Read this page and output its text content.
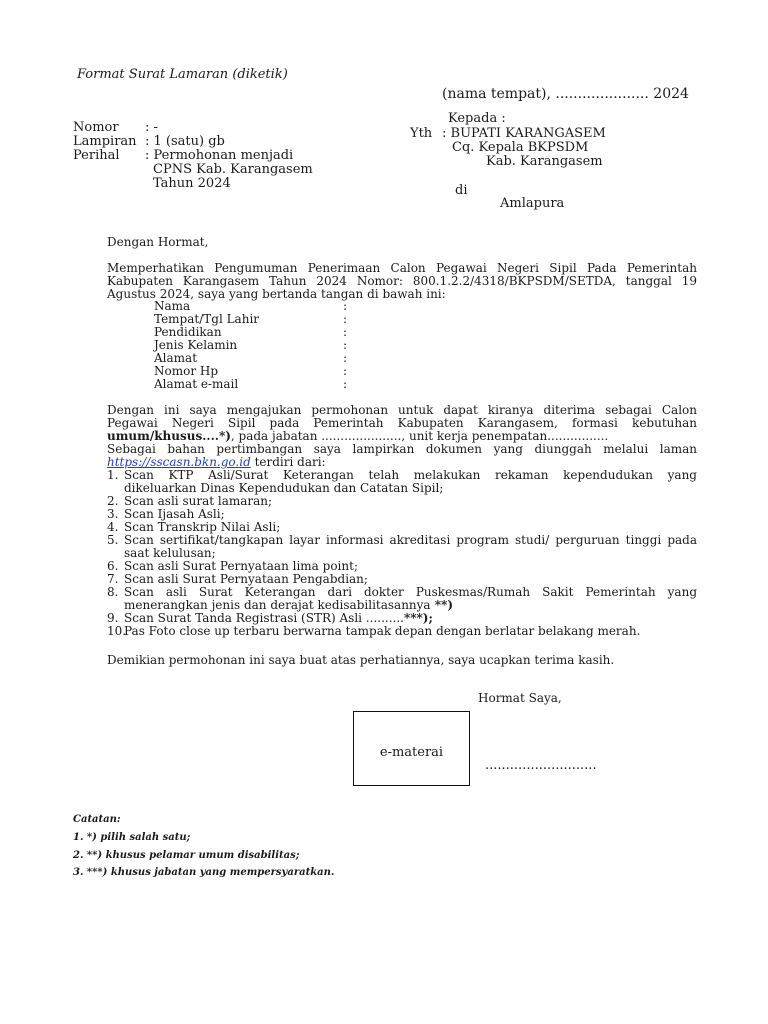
Format Surat Lamaran (diketik)
(nama tempat), ..................... 2024
Nomor : -
Lampiran : 1 (satu) gb
Perihal : Permohonan menjadi
CPNS Kab. Karangasem
Tahun 2024
Kepada :
Yth : BUPATI KARANGASEM
Cq. Kepala BKPSDM
Kab. Karangasem
di
Amlapura
Dengan Hormat,
Memperhatikan Pengumuman Penerimaan Calon Pegawai Negeri Sipil Pada Pemerintah
Kabupaten Karangasem Tahun 2024 Nomor: 800.1.2.2/4318/BKPSDM/SETDA, tanggal 19
Agustus 2024, saya yang bertanda tangan di bawah ini:
Nama	:
Tempat/Tgl Lahir	:
Pendidikan	:
Jenis Kelamin	:
Alamat	:
Nomor Hp	:
Alamat e-mail	:
Dengan ini saya mengajukan permohonan untuk dapat kiranya diterima sebagai Calon
Pegawai Negeri Sipil pada Pemerintah Kabupaten Karangasem, formasi kebutuhan
umum/khusus....*), pada jabatan ....................., unit kerja penempatan................
Sebagai bahan pertimbangan saya lampirkan dokumen yang diunggah melalui laman
https://sscasn.bkn.go.id terdiri dari:
1. Scan KTP Asli/Surat Keterangan telah melakukan rekaman kependudukan yang
dikeluarkan Dinas Kependudukan dan Catatan Sipil;
2. Scan asli surat lamaran;
3. Scan Ijasah Asli;
4. Scan Transkrip Nilai Asli;
5. Scan sertifikat/tangkapan layar informasi akreditasi program studi/ perguruan tinggi pada
saat kelulusan;
6. Scan asli Surat Pernyataan lima point;
7. Scan asli Surat Pernyataan Pengabdian;
8. Scan asli Surat Keterangan dari dokter Puskesmas/Rumah Sakit Pemerintah yang
menerangkan jenis dan derajat kedisabilitasannya **)
9. Scan Surat Tanda Registrasi (STR) Asli ..........***);
10.
Pas Foto close up terbaru berwarna tampak depan dengan berlatar belakang merah.
Demikian permohonan ini saya buat atas perhatiannya, saya ucapkan terima kasih.
Hormat Saya,
e-materai
...........................
Catatan:
1. *) pilih salah satu;
2. **) khusus pelamar umum disabilitas;
3. ***) khusus jabatan yang mempersyaratkan.
